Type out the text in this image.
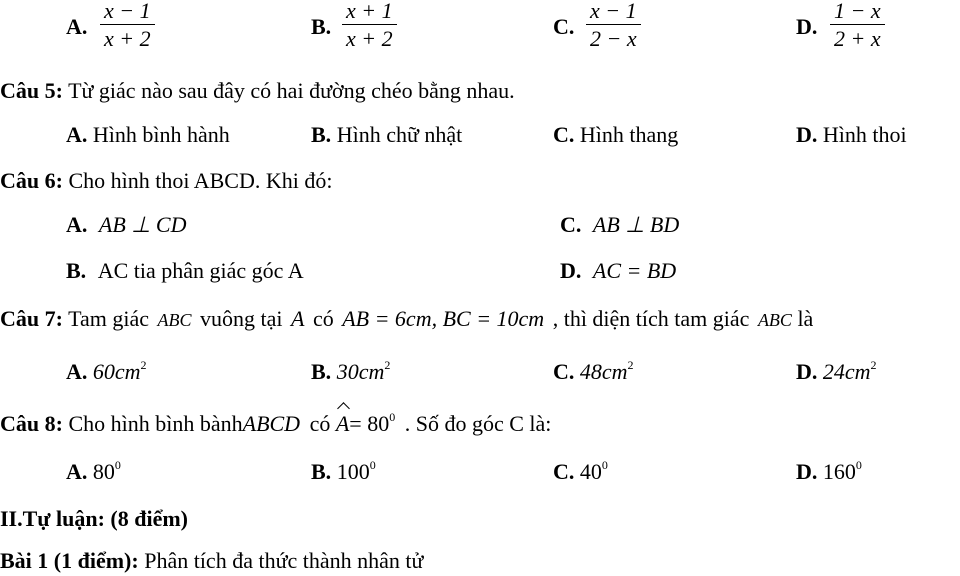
A.
x − 1
x + 2	B.
x + 1
x + 2	C.
x − 1
2 − x	D.
1 − x
2 + x
Câu 5: Từ giác nào sau đây có hai đường chéo bằng nhau.
A. Hình bình hành	B. Hình chữ nhật	C. Hình thang	D. Hình thoi
Câu 6: Cho hình thoi ABCD. Khi đó:
A. AB ⊥ CD	C. AB ⊥ BD
B. AC tia phân giác góc A	D. AC = BD
Câu 7: Tam giác ABC vuông tại A có AB = 6cm, BC = 10cm , thì diện tích tam giác ABC là
A. $60cm^2$	B. $30cm^2$	C. $48cm^2$	D. $24cm^2$
Câu 8: Cho hình bình bànhABCD có $A= 80^0$ . Số đo góc C là:
A. $80^0$	B. $100^0$	C. $40^0$	D. $160^0$
II.Tự luận: (8 điểm)
Bài 1 (1 điểm): Phân tích đa thức thành nhân tử
